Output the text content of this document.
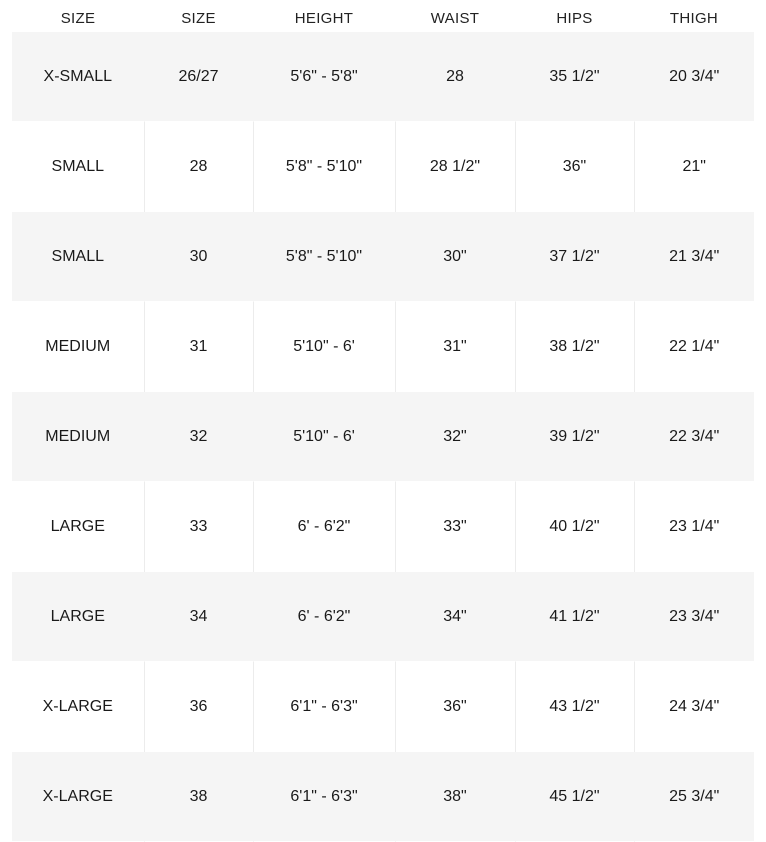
SIZE	SIZE	HEIGHT	WAIST	HIPS	THIGH
X-SMALL	26/27	5'6" - 5'8"	28	35 1/2"	20 3/4"
SMALL	28	5'8" - 5'10"	28 1/2"	36"	21"
SMALL	30	5'8" - 5'10"	30"	37 1/2"	21 3/4"
MEDIUM	31	5'10" - 6'	31"	38 1/2"	22 1/4"
MEDIUM	32	5'10" - 6'	32"	39 1/2"	22 3/4"
LARGE	33	6' - 6'2"	33"	40 1/2"	23 1/4"
LARGE	34	6' - 6'2"	34"	41 1/2"	23 3/4"
X-LARGE	36	6'1" - 6'3"	36"	43 1/2"	24 3/4"
X-LARGE	38	6'1" - 6'3"	38"	45 1/2"	25 3/4"
